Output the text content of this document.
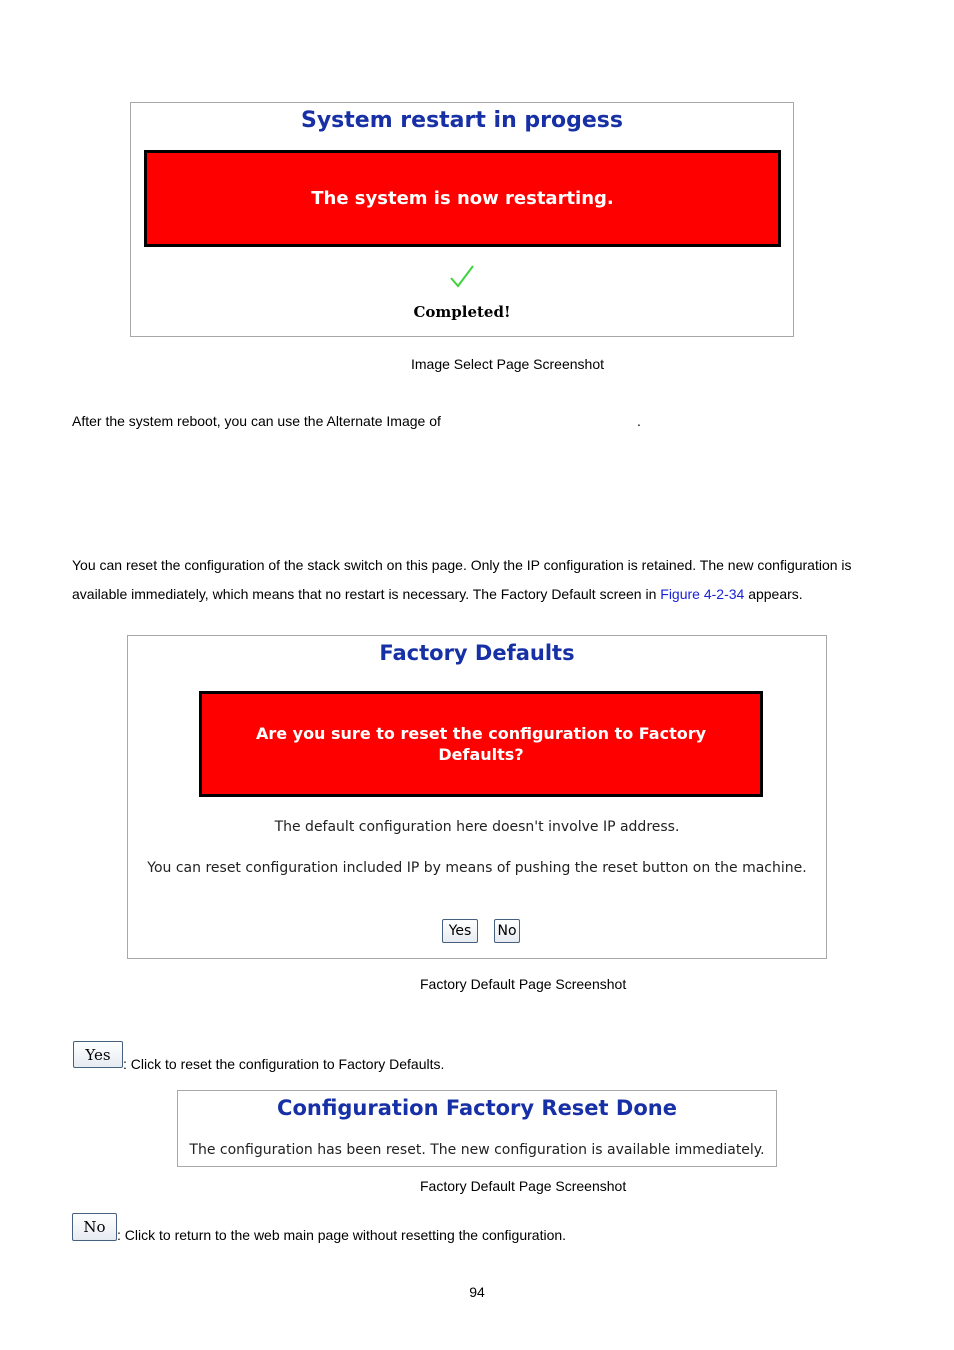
System restart in progess
The system is now restarting.
Completed!
Image Select Page Screenshot
After the system reboot, you can use the Alternate Image of	.
You can reset the configuration of the stack switch on this page. Only the IP configuration is retained. The new configuration is
available immediately, which means that no restart is necessary. The Factory Default screen in Figure 4-2-34 appears.
Factory Defaults
Are you sure to reset the configuration to Factory
Defaults?
The default configuration here doesn't involve IP address.
You can reset configuration included IP by means of pushing the reset button on the machine.
Yes	No
Factory Default Page Screenshot
Yes
: Click to reset the configuration to Factory Defaults.
Configuration Factory Reset Done
The configuration has been reset. The new configuration is available immediately.
Factory Default Page Screenshot
No : Click to return to the web main page without resetting the configuration.
94
